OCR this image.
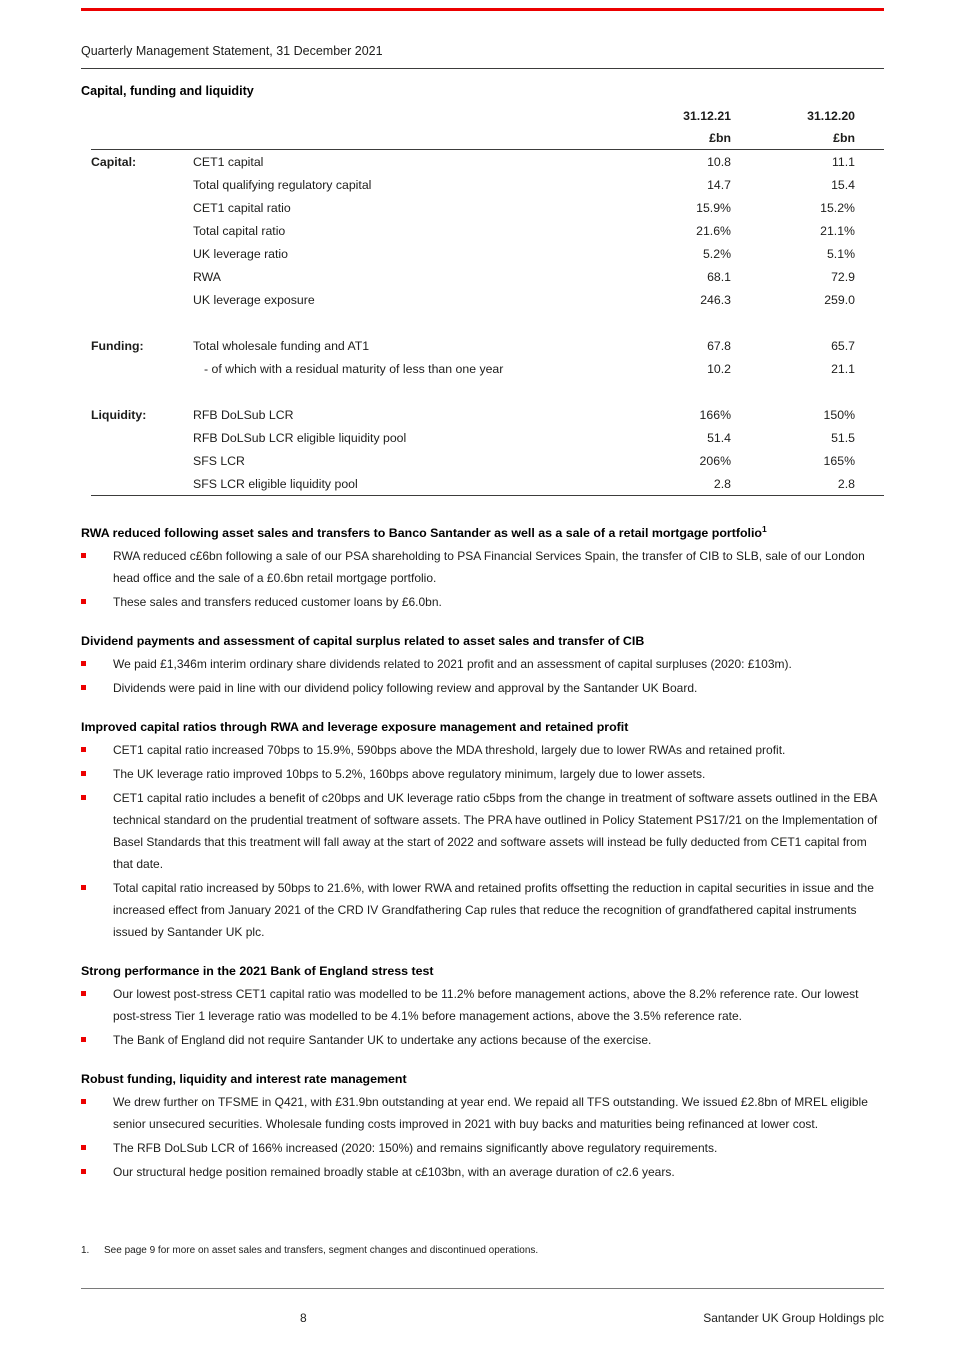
Quarterly Management Statement, 31 December 2021
Capital, funding and liquidity
31.12.21	31.12.20
£bn	£bn
Capital:	CET1 capital	10.8	11.1
Total qualifying regulatory capital	14.7	15.4
CET1 capital ratio	15.9%	15.2%
Total capital ratio	21.6%	21.1%
UK leverage ratio	5.2%	5.1%
RWA	68.1	72.9
UK leverage exposure	246.3	259.0
Funding:	Total wholesale funding and AT1	67.8	65.7
- of which with a residual maturity of less than one year	10.2	21.1
Liquidity:	RFB DoLSub LCR	166%	150%
RFB DoLSub LCR eligible liquidity pool	51.4	51.5
SFS LCR	206%	165%
SFS LCR eligible liquidity pool	2.8	2.8
RWA reduced following asset sales and transfers to Banco Santander as well as a sale of a retail mortgage portfolio$^1$
RWA reduced c£6bn following a sale of our PSA shareholding to PSA Financial Services Spain, the transfer of CIB to SLB, sale of our London head office and the sale of a £0.6bn retail mortgage portfolio.
These sales and transfers reduced customer loans by £6.0bn.
Dividend payments and assessment of capital surplus related to asset sales and transfer of CIB
We paid £1,346m interim ordinary share dividends related to 2021 profit and an assessment of capital surpluses (2020: £103m).
Dividends were paid in line with our dividend policy following review and approval by the Santander UK Board.
Improved capital ratios through RWA and leverage exposure management and retained profit
CET1 capital ratio increased 70bps to 15.9%, 590bps above the MDA threshold, largely due to lower RWAs and retained profit.
The UK leverage ratio improved 10bps to 5.2%, 160bps above regulatory minimum, largely due to lower assets.
CET1 capital ratio includes a benefit of c20bps and UK leverage ratio c5bps from the change in treatment of software assets outlined in the EBA technical standard on the prudential treatment of software assets. The PRA have outlined in Policy Statement PS17/21 on the Implementation of Basel Standards that this treatment will fall away at the start of 2022 and software assets will instead be fully deducted from CET1 capital from that date.
Total capital ratio increased by 50bps to 21.6%, with lower RWA and retained profits offsetting the reduction in capital securities in issue and the increased effect from January 2021 of the CRD IV Grandfathering Cap rules that reduce the recognition of grandfathered capital instruments issued by Santander UK plc.
Strong performance in the 2021 Bank of England stress test
Our lowest post-stress CET1 capital ratio was modelled to be 11.2% before management actions, above the 8.2% reference rate. Our lowest post-stress Tier 1 leverage ratio was modelled to be 4.1% before management actions, above the 3.5% reference rate.
The Bank of England did not require Santander UK to undertake any actions because of the exercise.
Robust funding, liquidity and interest rate management
We drew further on TFSME in Q421, with £31.9bn outstanding at year end. We repaid all TFS outstanding. We issued £2.8bn of MREL eligible senior unsecured securities. Wholesale funding costs improved in 2021 with buy backs and maturities being refinanced at lower cost.
The RFB DoLSub LCR of 166% increased (2020: 150%) and remains significantly above regulatory requirements.
Our structural hedge position remained broadly stable at c£103bn, with an average duration of c2.6 years.
1.	See page 9 for more on asset sales and transfers, segment changes and discontinued operations.
8	Santander UK Group Holdings plc
